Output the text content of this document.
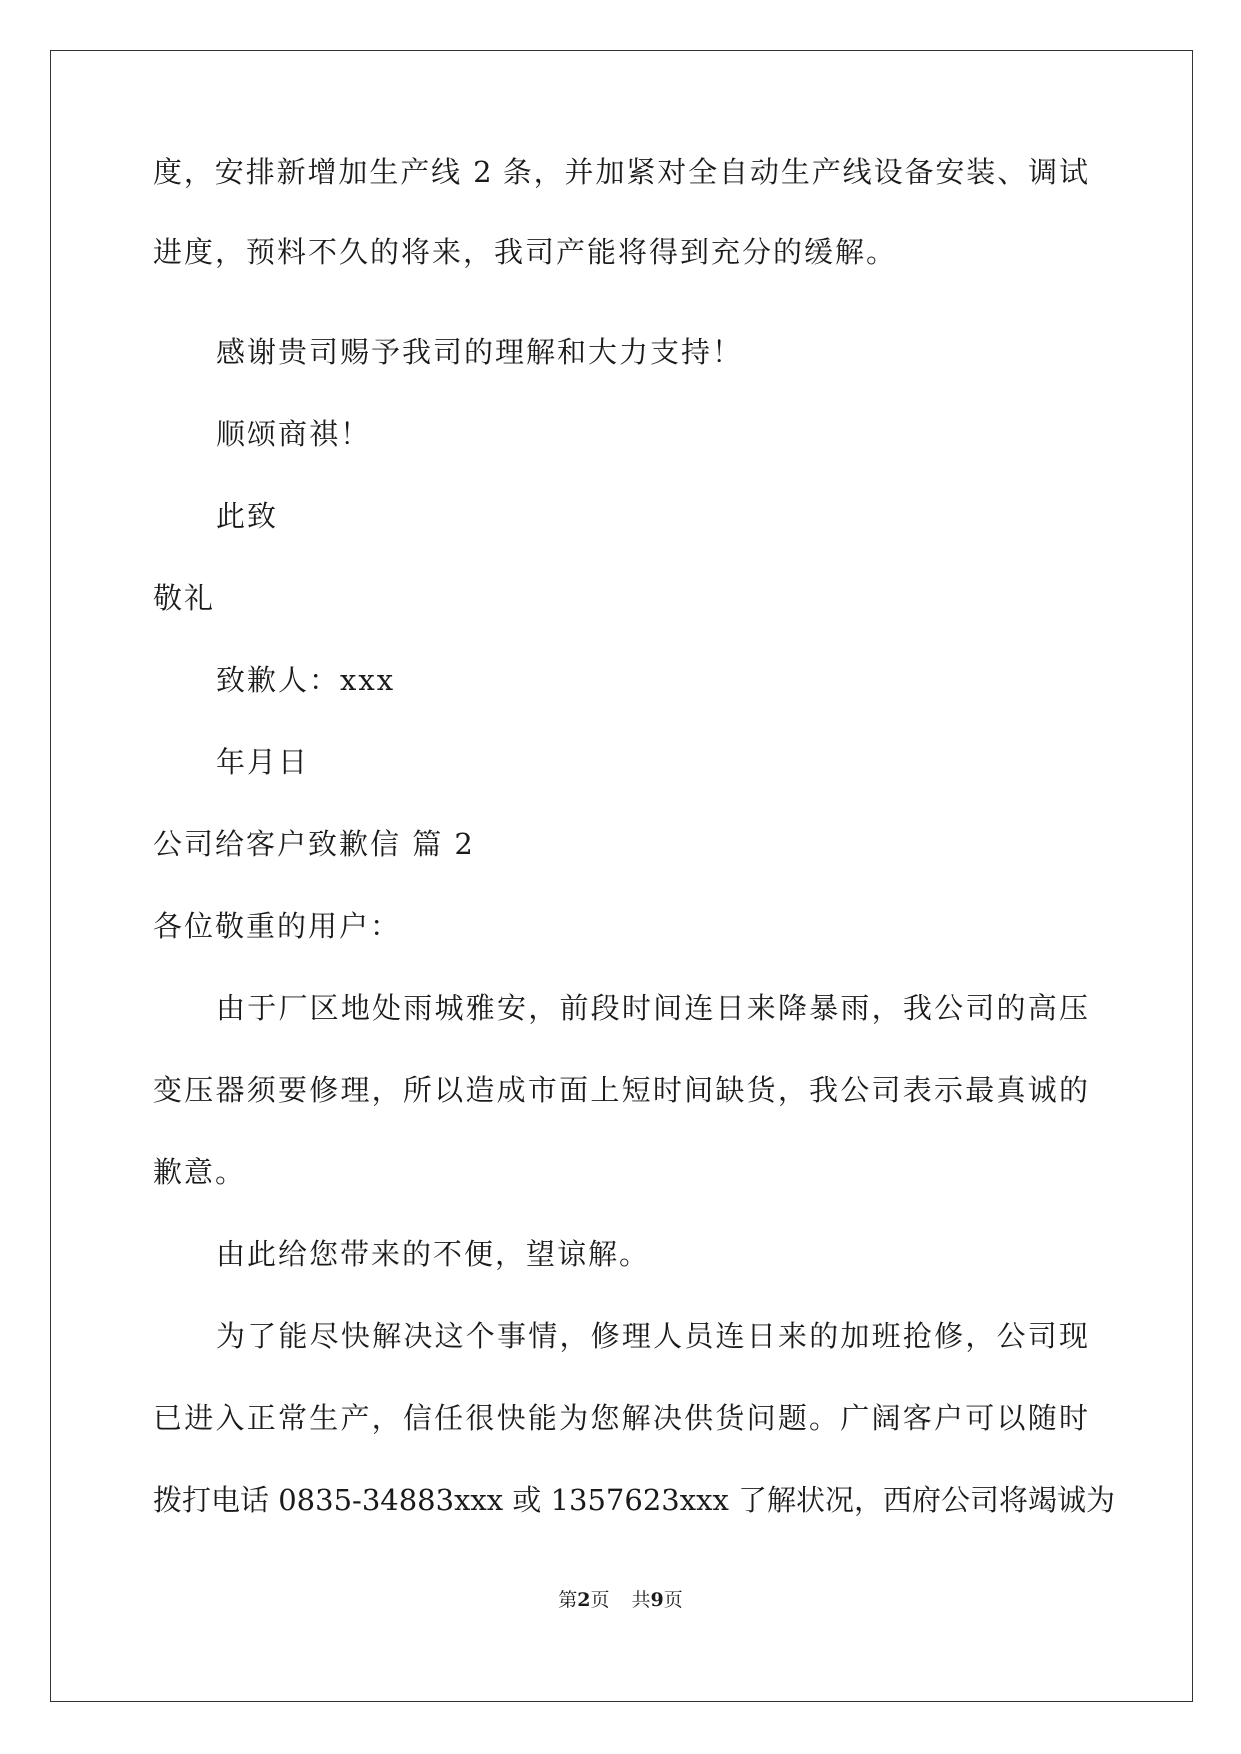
度，安排新增加生产线 2 条，并加紧对全自动生产线设备安装、调试
进度，预料不久的将来，我司产能将得到充分的缓解。
感谢贵司赐予我司的理解和大力支持！
顺颂商祺！
此致
敬礼
致歉人：xxx
年月日
公司给客户致歉信 篇 2
各位敬重的用户：
由于厂区地处雨城雅安，前段时间连日来降暴雨，我公司的高压
变压器须要修理，所以造成市面上短时间缺货，我公司表示最真诚的
歉意。
由此给您带来的不便，望谅解。
为了能尽快解决这个事情，修理人员连日来的加班抢修，公司现
已进入正常生产，信任很快能为您解决供货问题。广阔客户可以随时
拨打电话 0835-34883xxx 或 1357623xxx 了解状况，西府公司将竭诚为
第2页 共9页
